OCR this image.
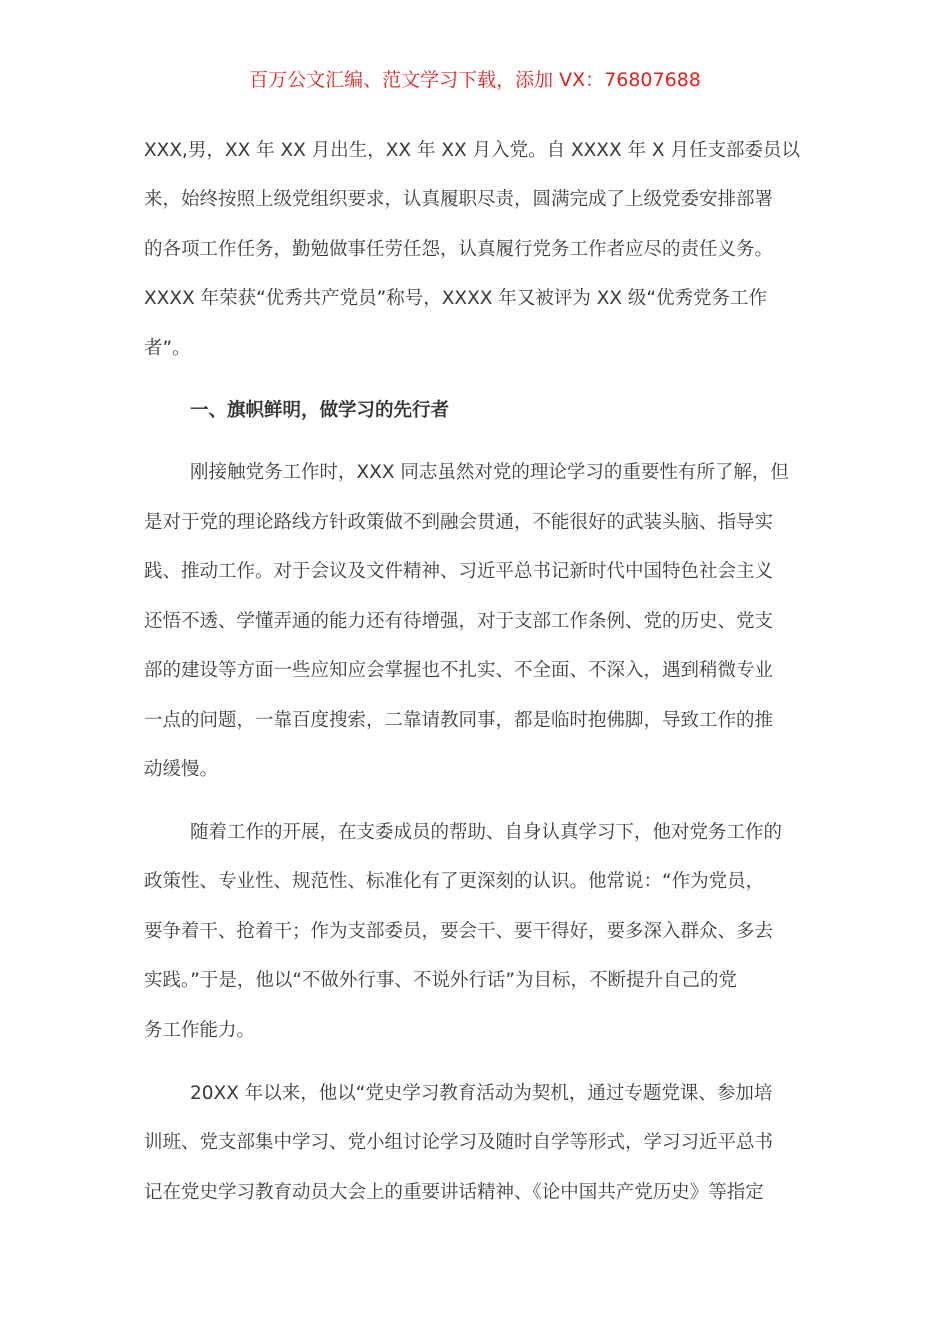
百万公文汇编、范文学习下载，添加 VX：76807688
XXX,男，XX 年 XX 月出生，XX 年 XX 月入党。自 XXXX 年 X 月任支部委员以
来，始终按照上级党组织要求，认真履职尽责，圆满完成了上级党委安排部署
的各项工作任务，勤勉做事任劳任怨，认真履行党务工作者应尽的责任义务。
XXXX 年荣获“优秀共产党员”称号，XXXX 年又被评为 XX 级“优秀党务工作
者”。
一、旗帜鲜明，做学习的先行者
刚接触党务工作时，XXX 同志虽然对党的理论学习的重要性有所了解，但
是对于党的理论路线方针政策做不到融会贯通，不能很好的武装头脑、指导实
践、推动工作。对于会议及文件精神、习近平总书记新时代中国特色社会主义
还悟不透、学懂弄通的能力还有待增强，对于支部工作条例、党的历史、党支
部的建设等方面一些应知应会掌握也不扎实、不全面、不深入，遇到稍微专业
一点的问题，一靠百度搜索，二靠请教同事，都是临时抱佛脚，导致工作的推
动缓慢。
随着工作的开展，在支委成员的帮助、自身认真学习下，他对党务工作的
政策性、专业性、规范性、标准化有了更深刻的认识。他常说：“作为党员，
要争着干、抢着干；作为支部委员，要会干、要干得好，要多深入群众、多去
实践。”于是，他以“不做外行事、不说外行话”为目标，不断提升自己的党
务工作能力。
20XX 年以来，他以“党史学习教育活动为契机，通过专题党课、参加培
训班、党支部集中学习、党小组讨论学习及随时自学等形式，学习习近平总书
记在党史学习教育动员大会上的重要讲话精神、《论中国共产党历史》等指定
